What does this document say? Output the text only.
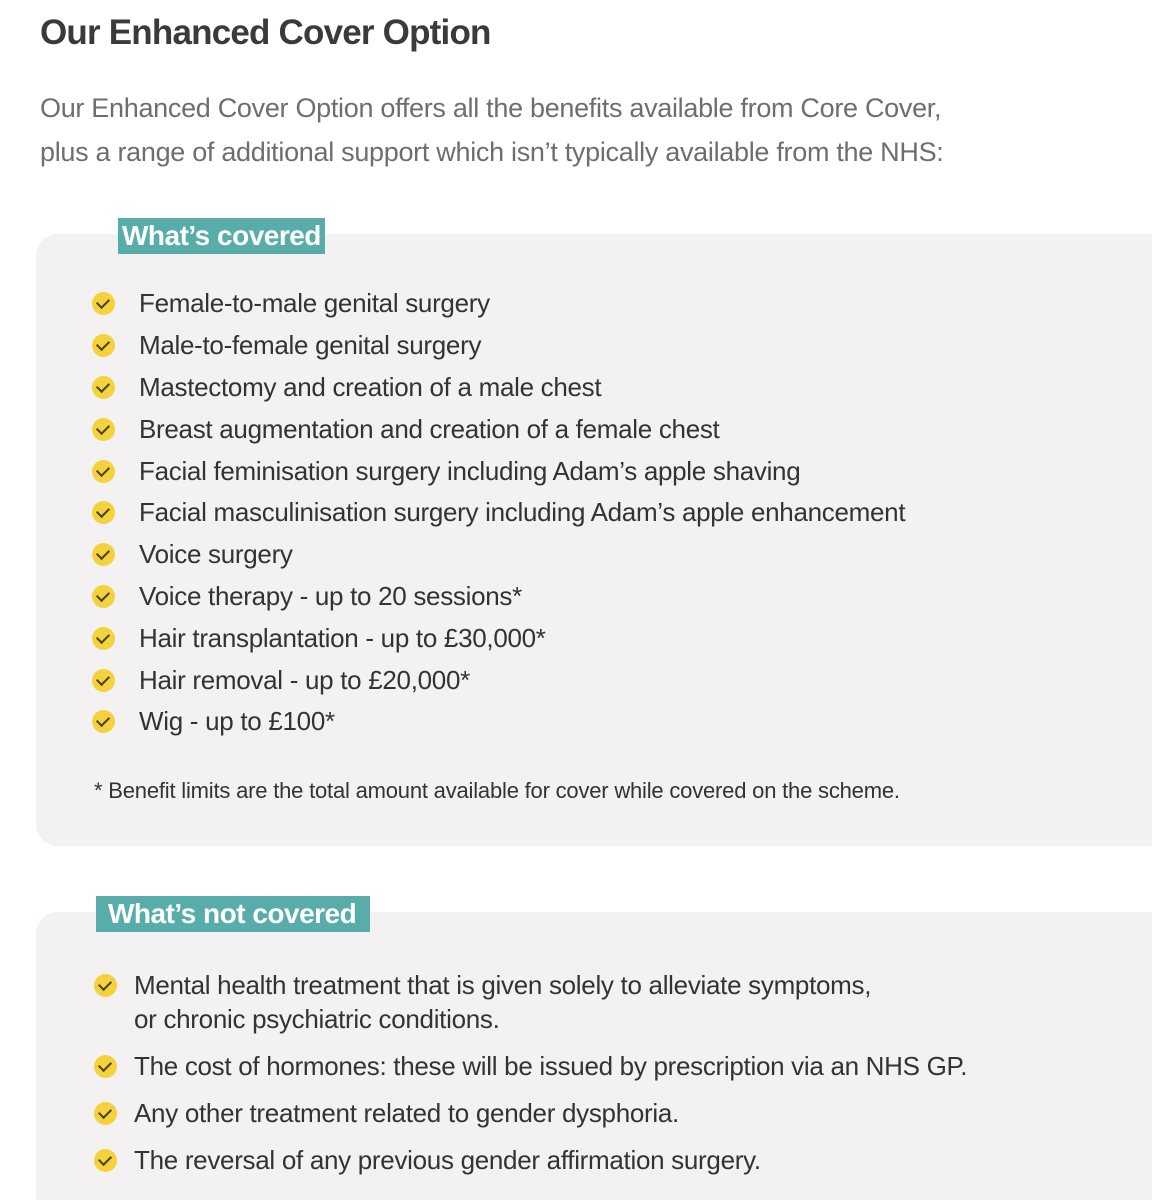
Our Enhanced Cover Option

Our Enhanced Cover Option offers all the benefits available from Core Cover,
plus a range of additional support which isn’t typically available from the NHS:

What’s covered
Female-to-male genital surgery
Male-to-female genital surgery
Mastectomy and creation of a male chest
Breast augmentation and creation of a female chest
Facial feminisation surgery including Adam’s apple shaving
Facial masculinisation surgery including Adam’s apple enhancement
Voice surgery
Voice therapy - up to 20 sessions*
Hair transplantation - up to £30,000*
Hair removal - up to £20,000*
Wig - up to £100*

* Benefit limits are the total amount available for cover while covered on the scheme.

What’s not covered
Mental health treatment that is given solely to alleviate symptoms,
or chronic psychiatric conditions.
The cost of hormones: these will be issued by prescription via an NHS GP.
Any other treatment related to gender dysphoria.
The reversal of any previous gender affirmation surgery.
